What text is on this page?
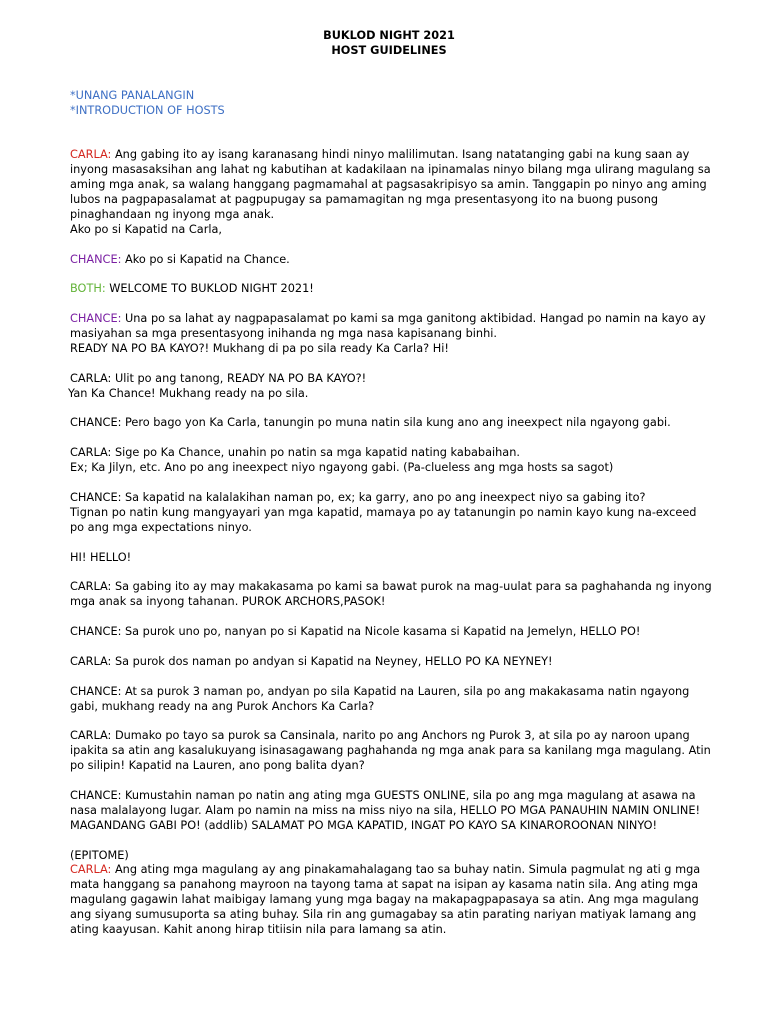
BUKLOD NIGHT 2021
HOST GUIDELINES
*UNANG PANALANGIN
*INTRODUCTION OF HOSTS
CARLA: Ang gabing ito ay isang karanasang hindi ninyo malilimutan. Isang natatanging gabi na kung saan ay
inyong masasaksihan ang lahat ng kabutihan at kadakilaan na ipinamalas ninyo bilang mga ulirang magulang sa
aming mga anak, sa walang hanggang pagmamahal at pagsasakripisyo sa amin. Tanggapin po ninyo ang aming
lubos na pagpapasalamat at pagpupugay sa pamamagitan ng mga presentasyong ito na buong pusong
pinaghandaan ng inyong mga anak.
Ako po si Kapatid na Carla,
CHANCE: Ako po si Kapatid na Chance.
BOTH: WELCOME TO BUKLOD NIGHT 2021!
CHANCE: Una po sa lahat ay nagpapasalamat po kami sa mga ganitong aktibidad. Hangad po namin na kayo ay
masiyahan sa mga presentasyong inihanda ng mga nasa kapisanang binhi.
READY NA PO BA KAYO?! Mukhang di pa po sila ready Ka Carla? Hi!
CARLA: Ulit po ang tanong, READY NA PO BA KAYO?!
Yan Ka Chance! Mukhang ready na po sila.
CHANCE: Pero bago yon Ka Carla, tanungin po muna natin sila kung ano ang ineexpect nila ngayong gabi.
CARLA: Sige po Ka Chance, unahin po natin sa mga kapatid nating kababaihan.
Ex; Ka Jilyn, etc. Ano po ang ineexpect niyo ngayong gabi. (Pa-clueless ang mga hosts sa sagot)
CHANCE: Sa kapatid na kalalakihan naman po, ex; ka garry, ano po ang ineexpect niyo sa gabing ito?
Tignan po natin kung mangyayari yan mga kapatid, mamaya po ay tatanungin po namin kayo kung na-exceed
po ang mga expectations ninyo.
HI! HELLO!
CARLA: Sa gabing ito ay may makakasama po kami sa bawat purok na mag-uulat para sa paghahanda ng inyong
mga anak sa inyong tahanan. PUROK ARCHORS,PASOK!
CHANCE: Sa purok uno po, nanyan po si Kapatid na Nicole kasama si Kapatid na Jemelyn, HELLO PO!
CARLA: Sa purok dos naman po andyan si Kapatid na Neyney, HELLO PO KA NEYNEY!
CHANCE: At sa purok 3 naman po, andyan po sila Kapatid na Lauren, sila po ang makakasama natin ngayong
gabi, mukhang ready na ang Purok Anchors Ka Carla?
CARLA: Dumako po tayo sa purok sa Cansinala, narito po ang Anchors ng Purok 3, at sila po ay naroon upang
ipakita sa atin ang kasalukuyang isinasagawang paghahanda ng mga anak para sa kanilang mga magulang. Atin
po silipin! Kapatid na Lauren, ano pong balita dyan?
CHANCE: Kumustahin naman po natin ang ating mga GUESTS ONLINE, sila po ang mga magulang at asawa na
nasa malalayong lugar. Alam po namin na miss na miss niyo na sila, HELLO PO MGA PANAUHIN NAMIN ONLINE!
MAGANDANG GABI PO! (addlib) SALAMAT PO MGA KAPATID, INGAT PO KAYO SA KINAROROONAN NINYO!
(EPITOME)
CARLA: Ang ating mga magulang ay ang pinakamahalagang tao sa buhay natin. Simula pagmulat ng ati g mga
mata hanggang sa panahong mayroon na tayong tama at sapat na isipan ay kasama natin sila. Ang ating mga
magulang gagawin lahat maibigay lamang yung mga bagay na makapagpapasaya sa atin. Ang mga magulang
ang siyang sumusuporta sa ating buhay. Sila rin ang gumagabay sa atin parating nariyan matiyak lamang ang
ating kaayusan. Kahit anong hirap titiisin nila para lamang sa atin.
